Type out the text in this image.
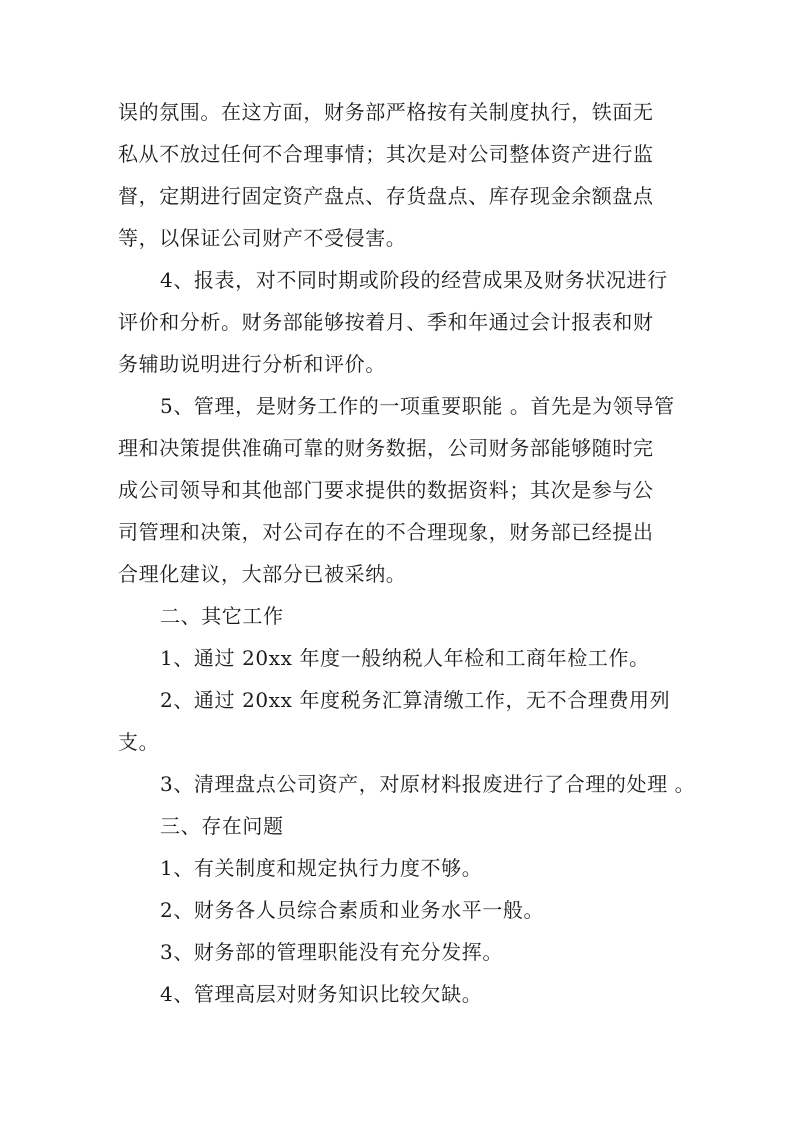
误的氛围。在这方面，财务部严格按有关制度执行，铁面无
私从不放过任何不合理事情；其次是对公司整体资产进行监
督，定期进行固定资产盘点、存货盘点、库存现金余额盘点
等，以保证公司财产不受侵害。
4、报表，对不同时期或阶段的经营成果及财务状况进行
评价和分析。财务部能够按着月、季和年通过会计报表和财
务辅助说明进行分析和评价。
5、管理，是财务工作的一项重要职能 。首先是为领导管
理和决策提供准确可靠的财务数据，公司财务部能够随时完
成公司领导和其他部门要求提供的数据资料；其次是参与公
司管理和决策，对公司存在的不合理现象，财务部已经提出
合理化建议，大部分已被采纳。
二、其它工作
1、通过 20xx 年度一般纳税人年检和工商年检工作。
2、通过 20xx 年度税务汇算清缴工作，无不合理费用列
支。
3、清理盘点公司资产，对原材料报废进行了合理的处理 。
三、存在问题
1、有关制度和规定执行力度不够。
2、财务各人员综合素质和业务水平一般。
3、财务部的管理职能没有充分发挥。
4、管理高层对财务知识比较欠缺。
